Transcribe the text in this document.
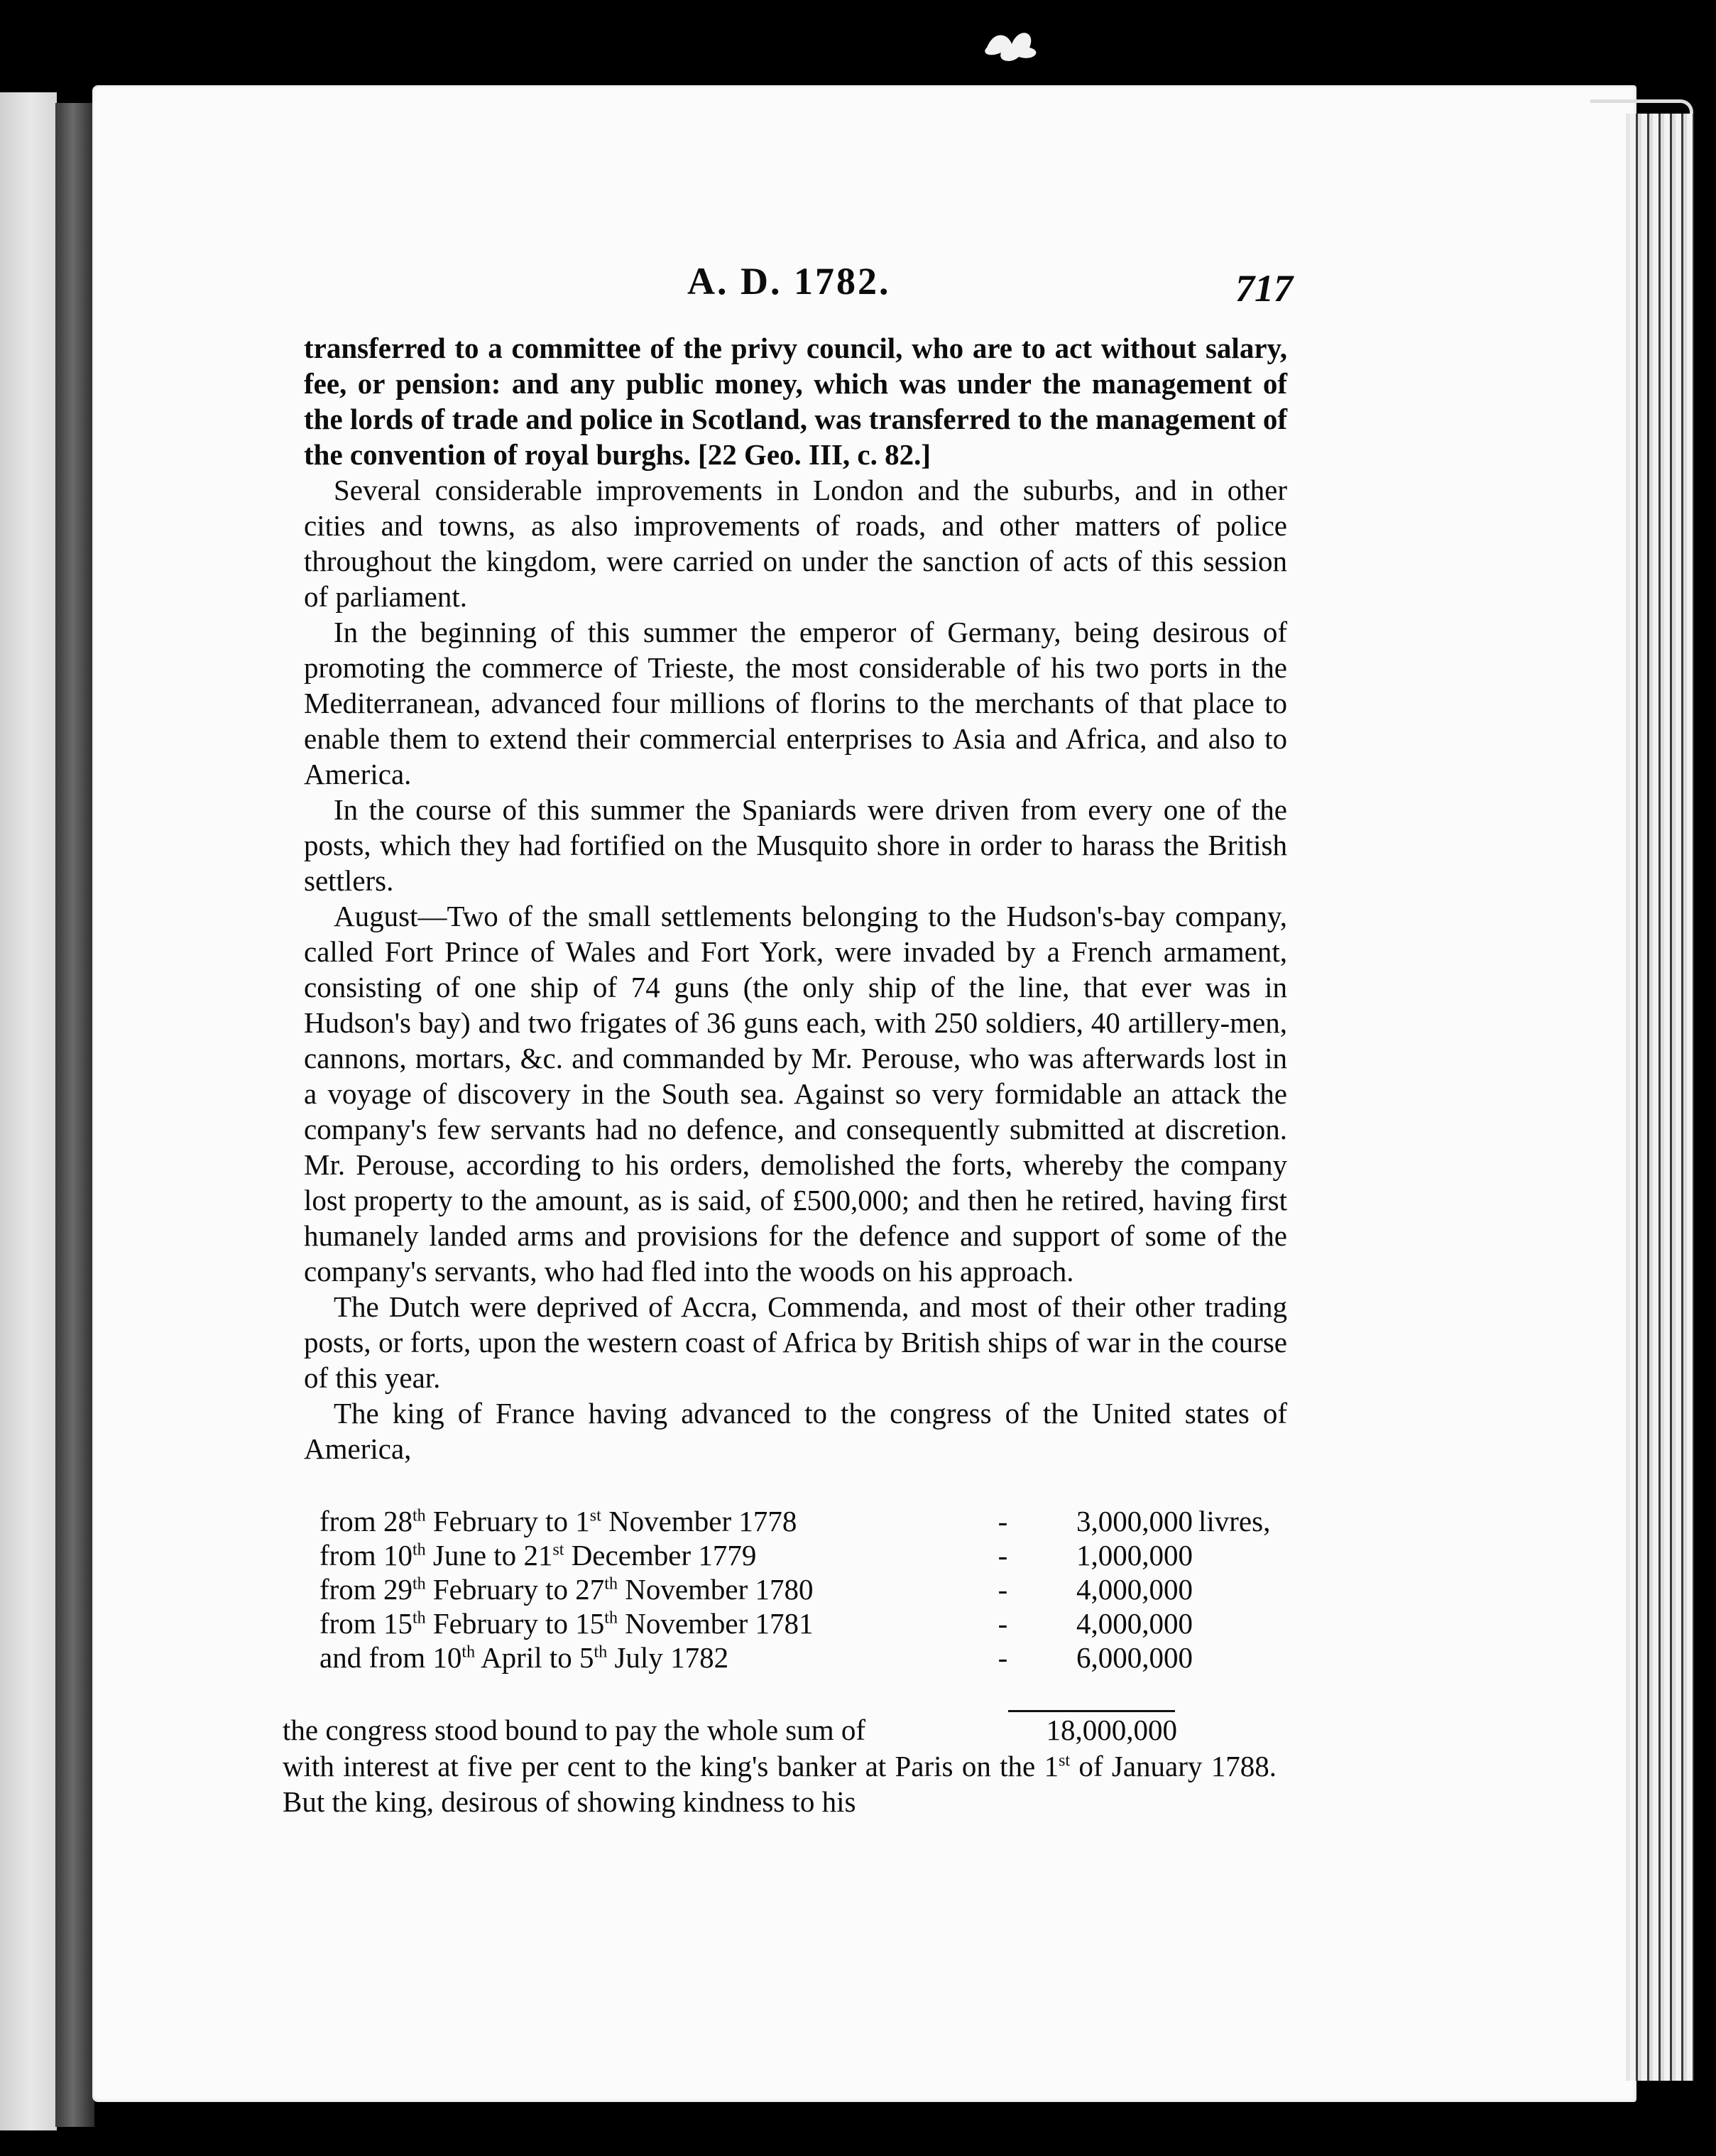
A. D. 1782.	717

transferred to a committee of the privy council, who are to act without salary, fee, or pension: and any public money, which was under the management of the lords of trade and police in Scotland, was transferred to the management of the convention of royal burghs. [22 Geo. III, c. 82.]

Several considerable improvements in London and the suburbs, and in other cities and towns, as also improvements of roads, and other matters of police throughout the kingdom, were carried on under the sanction of acts of this session of parliament.

In the beginning of this summer the emperor of Germany, being desirous of promoting the commerce of Trieste, the most considerable of his two ports in the Mediterranean, advanced four millions of florins to the merchants of that place to enable them to extend their commercial enterprises to Asia and Africa, and also to America.

In the course of this summer the Spaniards were driven from every one of the posts, which they had fortified on the Musquito shore in order to harass the British settlers.

August—Two of the small settlements belonging to the Hudson's-bay company, called Fort Prince of Wales and Fort York, were invaded by a French armament, consisting of one ship of 74 guns (the only ship of the line, that ever was in Hudson's bay) and two frigates of 36 guns each, with 250 soldiers, 40 artillery-men, cannons, mortars, &c. and commanded by Mr. Perouse, who was afterwards lost in a voyage of discovery in the South sea. Against so very formidable an attack the company's few servants had no defence, and consequently submitted at discretion. Mr. Perouse, according to his orders, demolished the forts, whereby the company lost property to the amount, as is said, of £500,000; and then he retired, having first humanely landed arms and provisions for the defence and support of some of the company's servants, who had fled into the woods on his approach.

The Dutch were deprived of Accra, Commenda, and most of their other trading posts, or forts, upon the western coast of Africa by British ships of war in the course of this year.

The king of France having advanced to the congress of the United states of America,

from 28th February to 1st November 1778	-	3,000,000 livres,

from 10th June to 21st December 1779	-	1,000,000
from 29th February to 27th November 1780	-	4,000,000
from 15th February to 15th November 1781	-	4,000,000
and from 10th April to 5th July 1782	-	6,000,000
the congress stood bound to pay the whole sum of	18,000,000
with interest at five per cent to the king's banker at Paris on the 1st of January 1788. But the king, desirous of showing kindness to his
